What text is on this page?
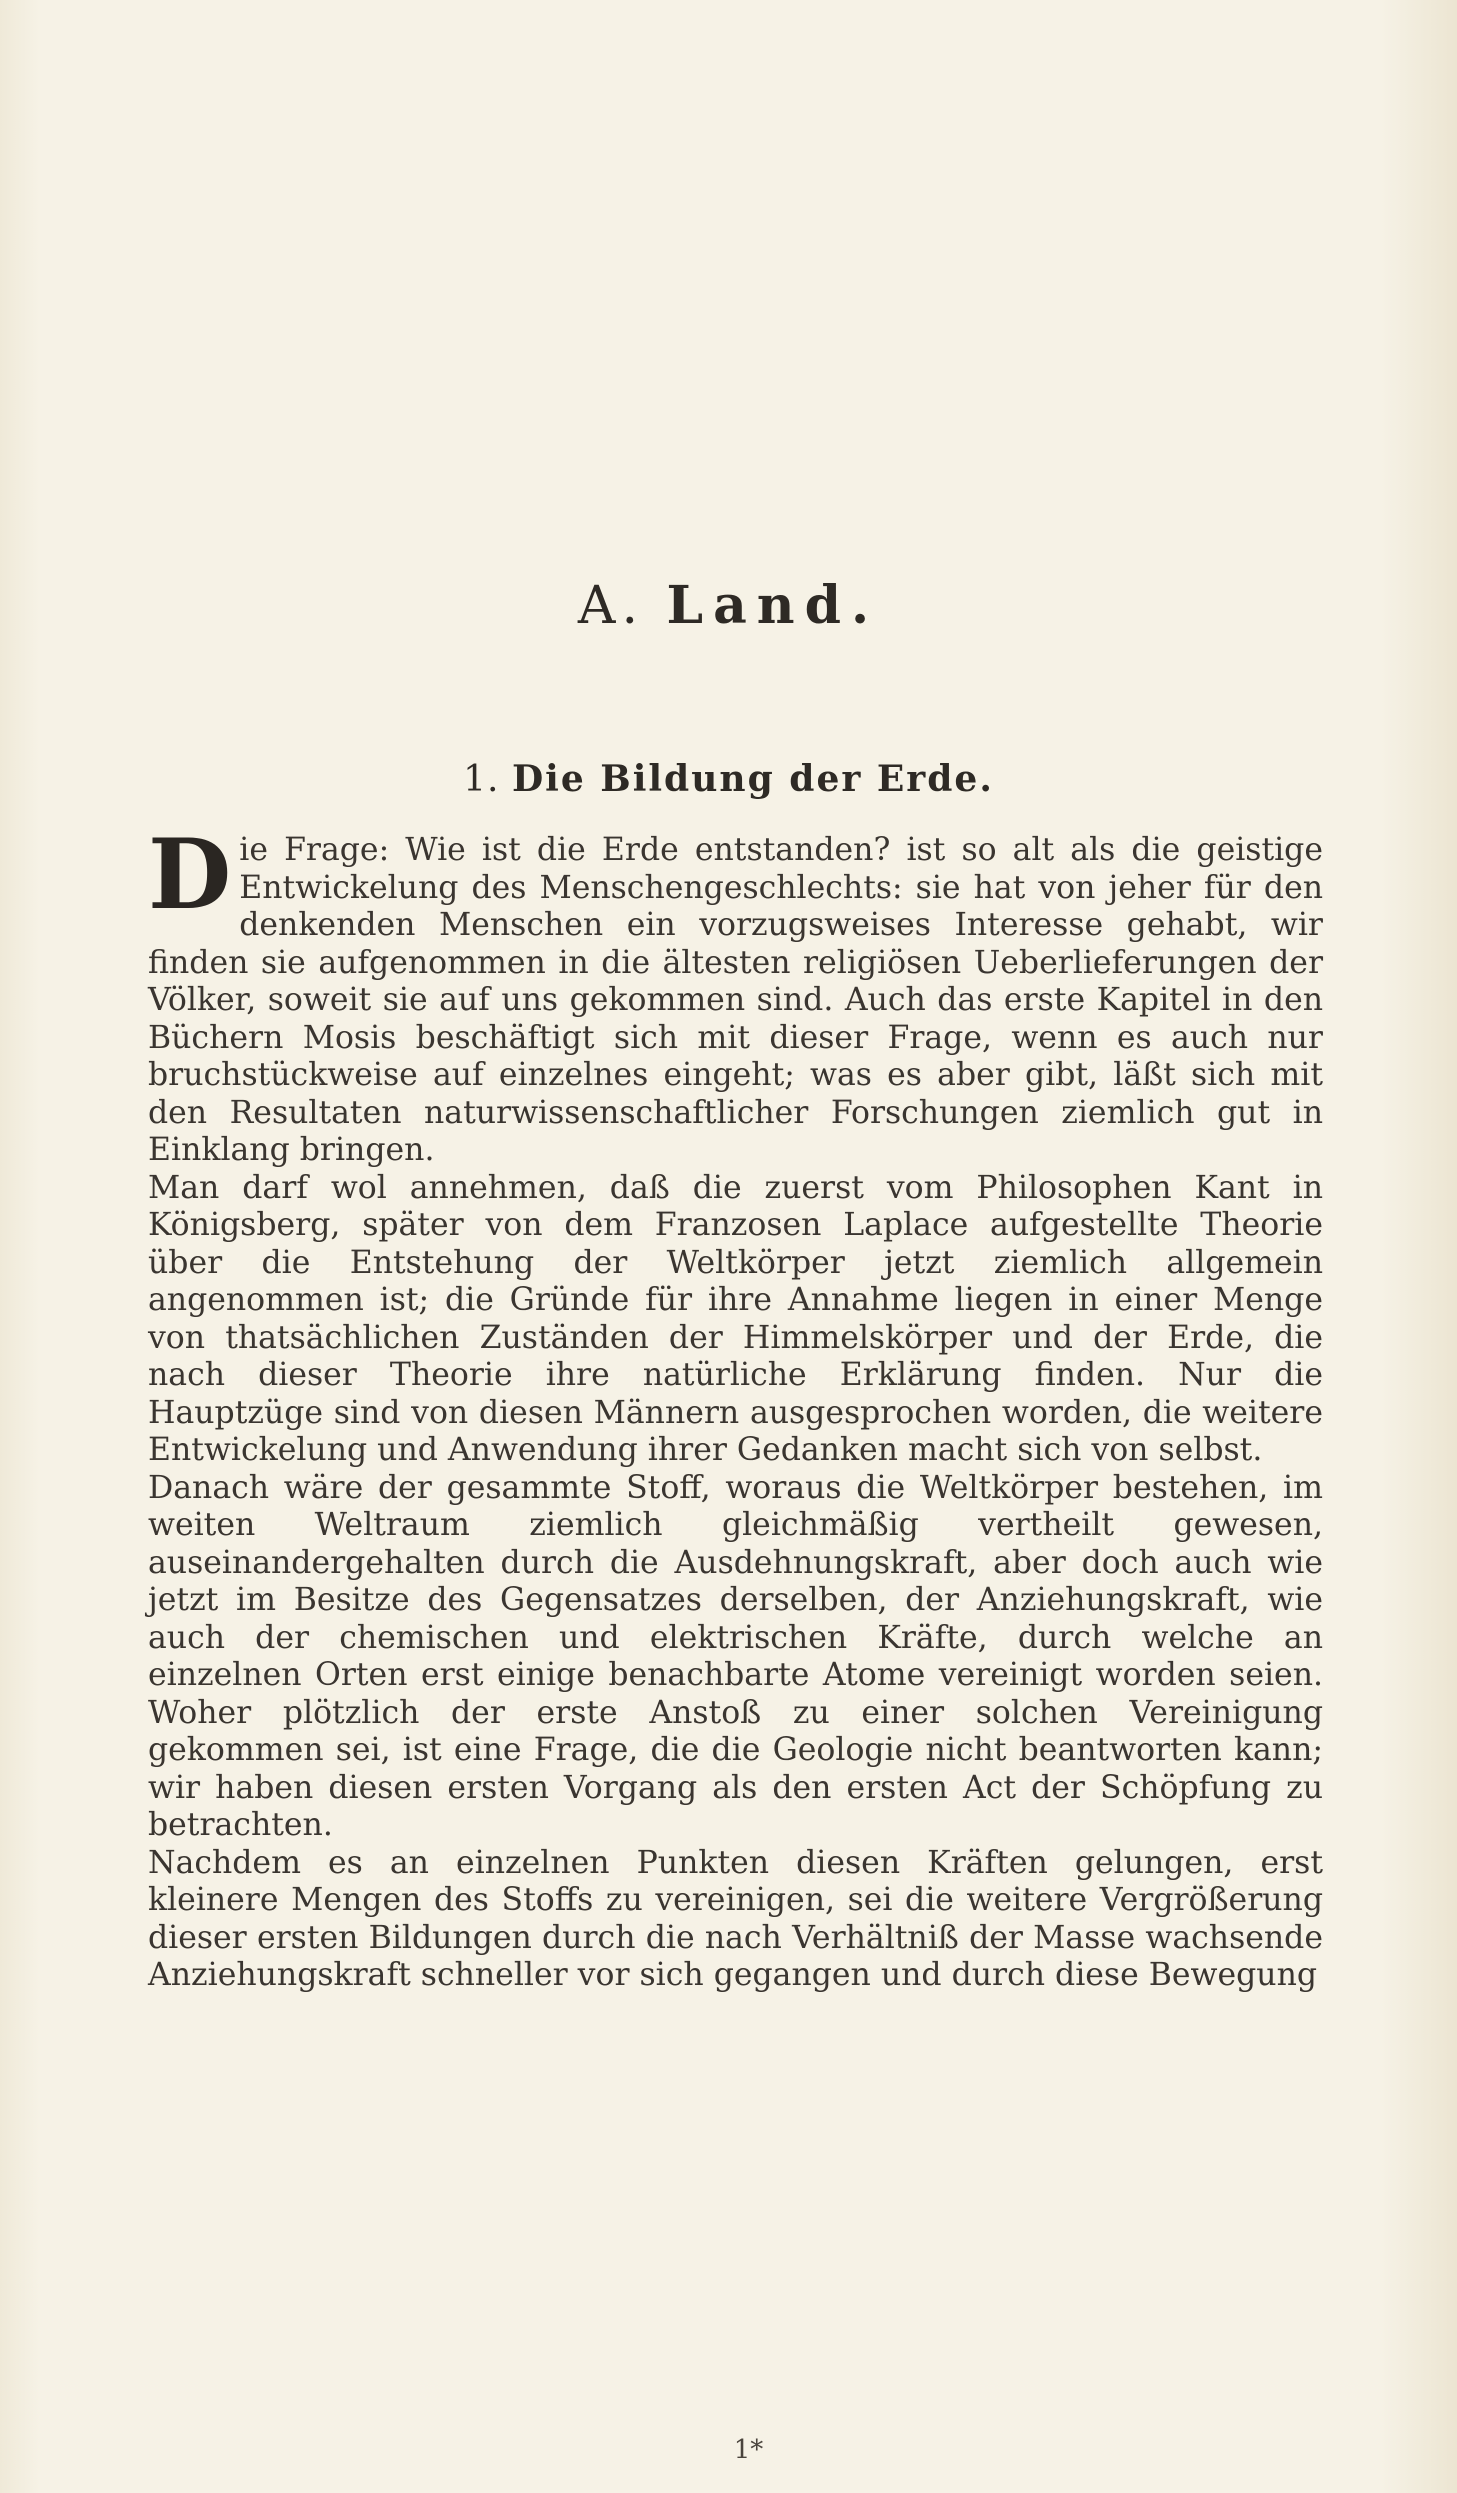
A. Land.
1. Die Bildung der Erde.

Die Frage: Wie ist die Erde entstanden? ist so alt als die geistige Entwickelung des Menschengeschlechts: sie hat von jeher für den denkenden Menschen ein vorzugsweises Interesse gehabt, wir finden sie aufgenommen in die ältesten religiösen Ueberlieferungen der Völker, soweit sie auf uns gekommen sind. Auch das erste Kapitel in den Büchern Mosis beschäftigt sich mit dieser Frage, wenn es auch nur bruchstückweise auf einzelnes eingeht; was es aber gibt, läßt sich mit den Resultaten naturwissenschaftlicher Forschungen ziemlich gut in Einklang bringen.

Man darf wol annehmen, daß die zuerst vom Philosophen Kant in Königsberg, später von dem Franzosen Laplace aufgestellte Theorie über die Entstehung der Weltkörper jetzt ziemlich allgemein angenommen ist; die Gründe für ihre Annahme liegen in einer Menge von thatsächlichen Zuständen der Himmelskörper und der Erde, die nach dieser Theorie ihre natürliche Erklärung finden. Nur die Hauptzüge sind von diesen Männern ausgesprochen worden, die weitere Entwickelung und Anwendung ihrer Gedanken macht sich von selbst.

Danach wäre der gesammte Stoff, woraus die Weltkörper bestehen, im weiten Weltraum ziemlich gleichmäßig vertheilt gewesen, auseinandergehalten durch die Ausdehnungskraft, aber doch auch wie jetzt im Besitze des Gegensatzes derselben, der Anziehungskraft, wie auch der chemischen und elektrischen Kräfte, durch welche an einzelnen Orten erst einige benachbarte Atome vereinigt worden seien. Woher plötzlich der erste Anstoß zu einer solchen Vereinigung gekommen sei, ist eine Frage, die die Geologie nicht beantworten kann; wir haben diesen ersten Vorgang als den ersten Act der Schöpfung zu betrachten.

Nachdem es an einzelnen Punkten diesen Kräften gelungen, erst kleinere Mengen des Stoffs zu vereinigen, sei die weitere Vergrößerung dieser ersten Bildungen durch die nach Verhältniß der Masse wachsende Anziehungskraft schneller vor sich gegangen und durch diese Bewegung

1*
